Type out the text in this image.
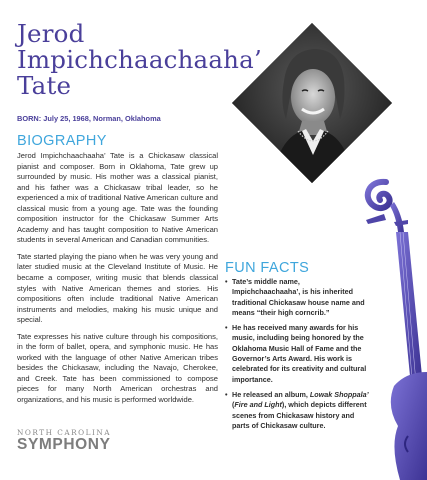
Jerod
Impichchaachaaha’
Tate
BORN: July 25, 1968, Norman, Oklahoma
BIOGRAPHY

Jerod Impichchaachaaha’ Tate is a Chickasaw classical pianist and composer. Born in Oklahoma, Tate grew up surrounded by music. His mother was a classical pianist, and his father was a Chickasaw tribal leader, so he experienced a mix of traditional Native American culture and classical music from a young age. Tate was the founding composition instructor for the Chickasaw Summer Arts Academy and has taught composition to Native American students in several American and Canadian communities.

Tate started playing the piano when he was very young and later studied music at the Cleveland Institute of Music. He became a composer, writing music that blends classical styles with Native American themes and stories. His compositions often include traditional Native American instruments and melodies, making his music unique and special.

Tate expresses his native culture through his compositions, in the form of ballet, opera, and symphonic music. He has worked with the language of other Native American tribes besides the Chickasaw, including the Navajo, Cherokee, and Creek. Tate has been commissioned to compose pieces for many North American orchestras and organizations, and his music is performed worldwide.

FUN FACTS
• Tate’s middle name, Impichchaachaaha’, is his inherited traditional Chickasaw house name and means “their high corncrib.”
• He has received many awards for his music, including being honored by the Oklahoma Music Hall of Fame and the Governor’s Arts Award. His work is celebrated for its creativity and cultural importance.
• He released an album, Lowak Shoppala’ (Fire and Light), which depicts different scenes from Chickasaw history and parts of Chickasaw culture.
NORTH CAROLINA
SYMPHONY
